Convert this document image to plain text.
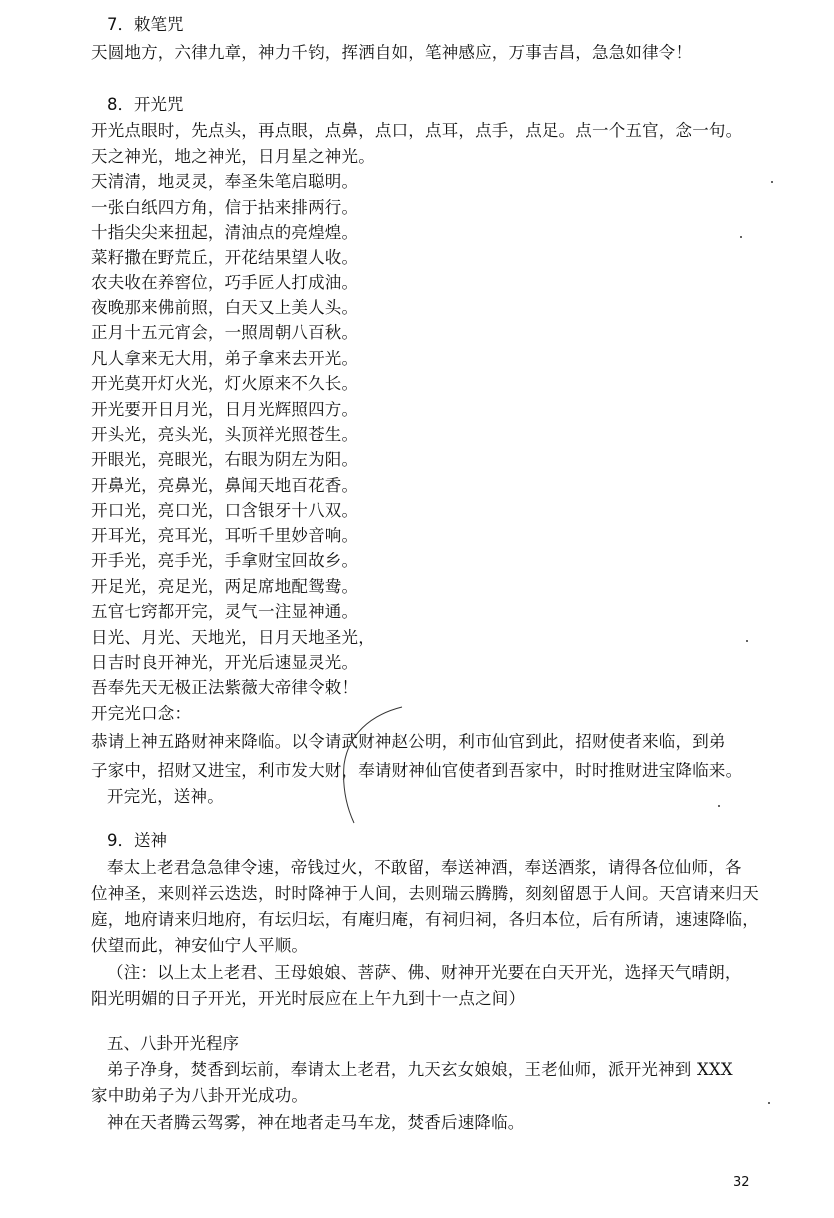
7．敕笔咒
天圆地方，六律九章，神力千钧，挥洒自如，笔神感应，万事吉昌，急急如律令！
8．开光咒
开光点眼时，先点头，再点眼，点鼻，点口，点耳，点手，点足。点一个五官，念一句。
天之神光，地之神光，日月星之神光。
天清清，地灵灵，奉圣朱笔启聪明。
一张白纸四方角，信于拈来排两行。
十指尖尖来扭起，清油点的亮煌煌。
菜籽撒在野荒丘，开花结果望人收。
农夫收在养窖位，巧手匠人打成油。
夜晚那来佛前照，白天又上美人头。
正月十五元宵会，一照周朝八百秋。
凡人拿来无大用，弟子拿来去开光。
开光莫开灯火光，灯火原来不久长。
开光要开日月光，日月光辉照四方。
开头光，亮头光，头顶祥光照苍生。
开眼光，亮眼光，右眼为阴左为阳。
开鼻光，亮鼻光，鼻闻天地百花香。
开口光，亮口光，口含银牙十八双。
开耳光，亮耳光，耳听千里妙音响。
开手光，亮手光，手拿财宝回故乡。
开足光，亮足光，两足席地配鸳鸯。
五官七窍都开完，灵气一注显神通。
日光、月光、天地光，日月天地圣光，
日吉时良开神光，开光后速显灵光。
吾奉先天无极正法紫薇大帝律令敕！
开完光口念：
恭请上神五路财神来降临。以令请武财神赵公明，利市仙官到此，招财使者来临，到弟
子家中，招财又进宝，利市发大财，奉请财神仙官使者到吾家中，时时推财进宝降临来。
开完光，送神。
9．送神
奉太上老君急急律令速，帝钱过火，不敢留，奉送神酒，奉送酒浆，请得各位仙师，各
位神圣，来则祥云迭迭，时时降神于人间，去则瑞云腾腾，刻刻留恩于人间。天宫请来归天
庭，地府请来归地府，有坛归坛，有庵归庵，有祠归祠，各归本位，后有所请，速速降临，
伏望而此，神安仙宁人平顺。
（注：以上太上老君、王母娘娘、菩萨、佛、财神开光要在白天开光，选择天气晴朗，
阳光明媚的日子开光，开光时辰应在上午九到十一点之间）
五、八卦开光程序
弟子净身，焚香到坛前，奉请太上老君，九天玄女娘娘，王老仙师，派开光神到 XXX
家中助弟子为八卦开光成功。
神在天者腾云驾雾，神在地者走马车龙，焚香后速降临。
32
